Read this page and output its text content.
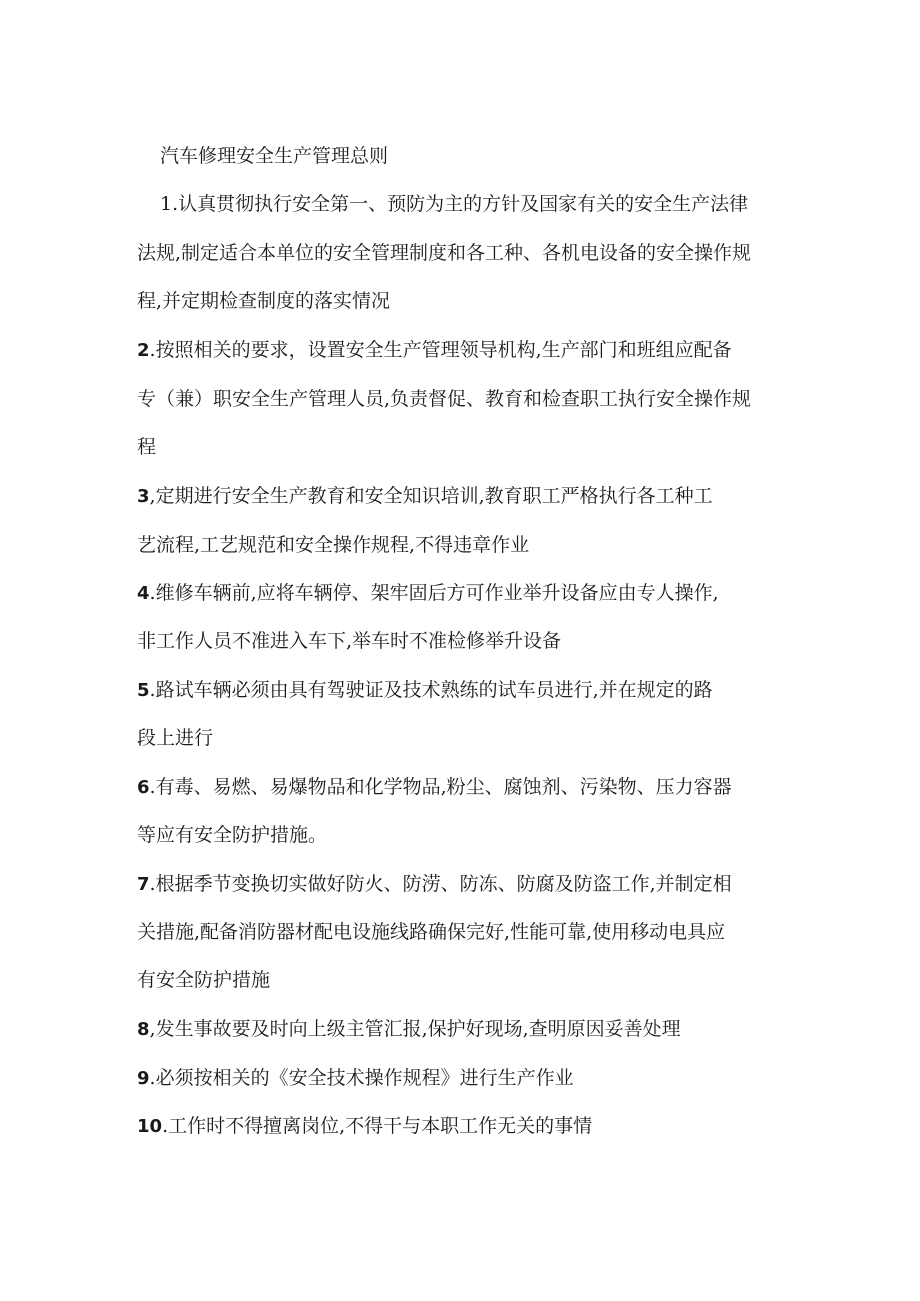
汽车修理安全生产管理总则
1.认真贯彻执行安全第一、预防为主的方针及国家有关的安全生产法律
法规,制定适合本单位的安全管理制度和各工种、各机电设备的安全操作规
程,并定期检查制度的落实情况
2.按照相关的要求，设置安全生产管理领导机构,生产部门和班组应配备
专（兼）职安全生产管理人员,负责督促、教育和检查职工执行安全操作规
程
3,定期进行安全生产教育和安全知识培训,教育职工严格执行各工种工
艺流程,工艺规范和安全操作规程,不得违章作业
4.维修车辆前,应将车辆停、架牢固后方可作业举升设备应由专人操作,
非工作人员不准进入车下,举车时不准检修举升设备
5.路试车辆必须由具有驾驶证及技术熟练的试车员进行,并在规定的路
段上进行
6.有毒、易燃、易爆物品和化学物品,粉尘、腐蚀剂、污染物、压力容器
等应有安全防护措施。
7.根据季节变换切实做好防火、防涝、防冻、防腐及防盗工作,并制定相
关措施,配备消防器材配电设施线路确保完好,性能可靠,使用移动电具应
有安全防护措施
8,发生事故要及时向上级主管汇报,保护好现场,查明原因妥善处理
9.必须按相关的《安全技术操作规程》进行生产作业
10.工作时不得擅离岗位,不得干与本职工作无关的事情
